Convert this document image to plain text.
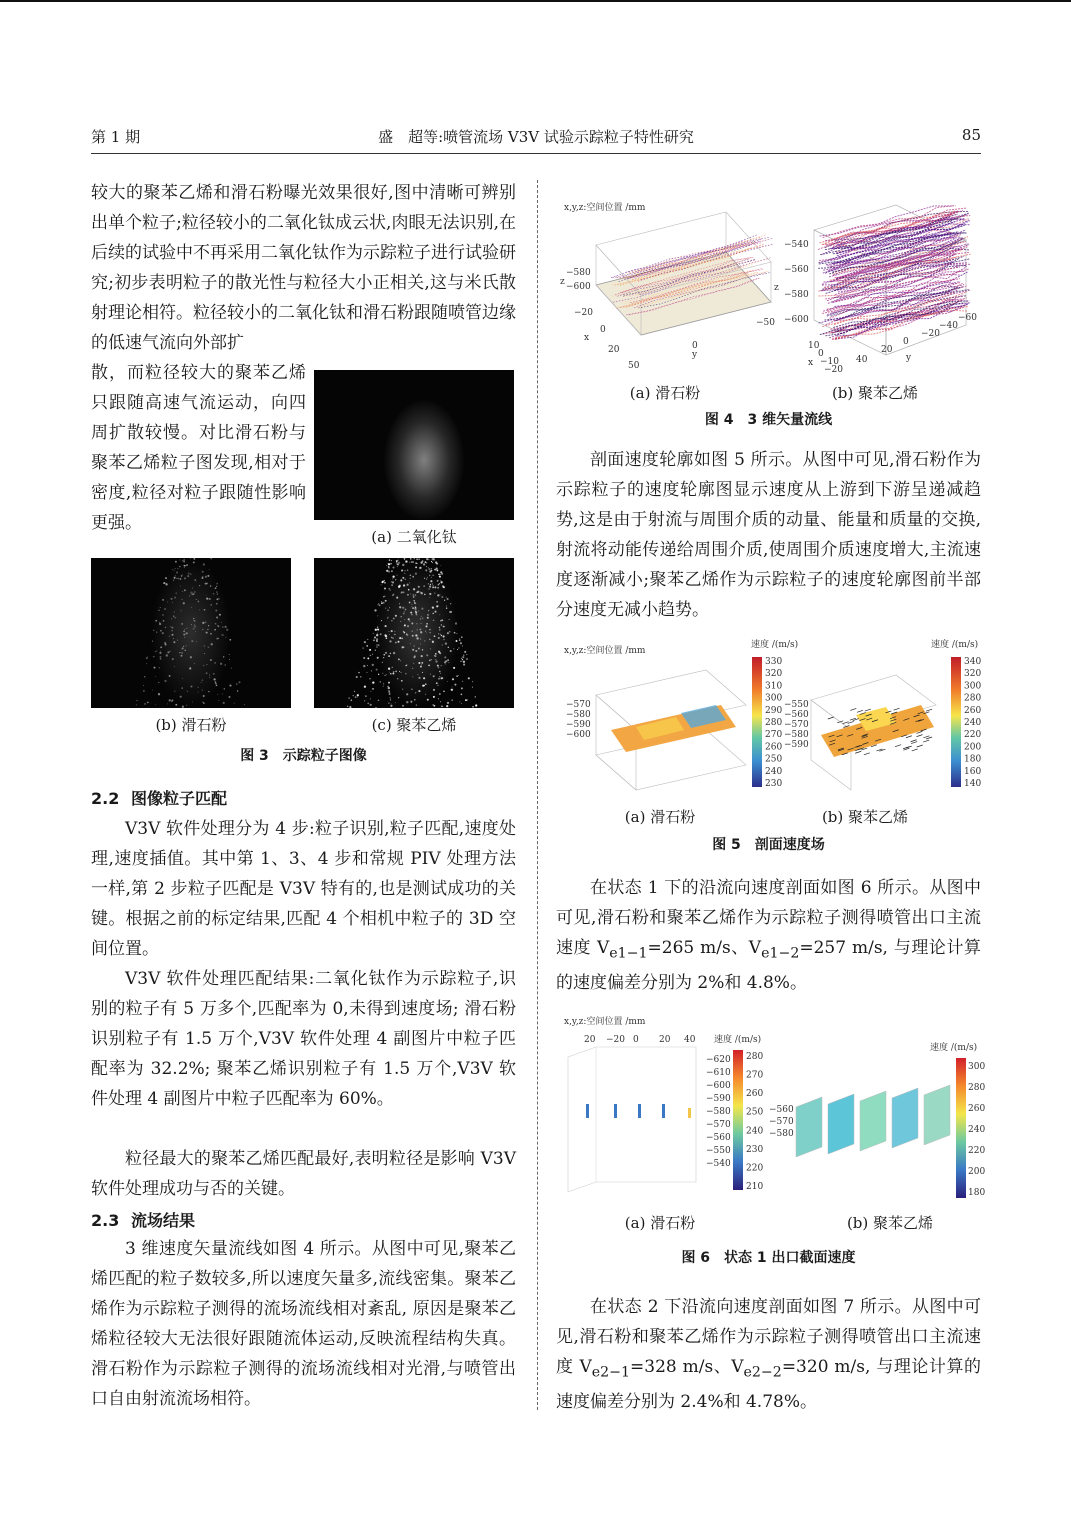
第 1 期	盛　超等:喷管流场 V3V 试验示踪粒子特性研究	85

较大的聚苯乙烯和滑石粉曝光效果很好,图中清晰可辨别出单个粒子;粒径较小的二氧化钛成云状,肉眼无法识别,在后续的试验中不再采用二氧化钛作为示踪粒子进行试验研究;初步表明粒子的散光性与粒径大小正相关,这与米氏散射理论相符。粒径较小的二氧化钛和滑石粉跟随喷管边缘的低速气流向外部扩

散，而粒径较大的聚苯乙烯只跟随高速气流运动，向四周扩散较慢。对比滑石粉与聚苯乙烯粒子图发现,相对于密度,粒径对粒子跟随性影响更强。

(a) 二氧化钛
(b) 滑石粉	(c) 聚苯乙烯
图 3　示踪粒子图像
2.2 图像粒子匹配

V3V 软件处理分为 4 步:粒子识别,粒子匹配,速度处理,速度插值。其中第 1、3、4 步和常规 PIV 处理方法一样,第 2 步粒子匹配是 V3V 特有的,也是测试成功的关键。根据之前的标定结果,匹配 4 个相机中粒子的 3D 空间位置。

V3V 软件处理匹配结果:二氧化钛作为示踪粒子,识别的粒子有 5 万多个,匹配率为 0,未得到速度场; 滑石粉识别粒子有 1.5 万个,V3V 软件处理 4 副图片中粒子匹配率为 32.2%; 聚苯乙烯识别粒子有 1.5 万个,V3V 软件处理 4 副图片中粒子匹配率为 60%。

粒径最大的聚苯乙烯匹配最好,表明粒径是影响 V3V 软件处理成功与否的关键。

2.3 流场结果

3 维速度矢量流线如图 4 所示。从图中可见,聚苯乙烯匹配的粒子数较多,所以速度矢量多,流线密集。聚苯乙烯作为示踪粒子测得的流场流线相对紊乱, 原因是聚苯乙烯粒径较大无法很好跟随流体运动,反映流程结构失真。滑石粉作为示踪粒子测得的流场流线相对光滑,与喷管出口自由射流流场相符。

x,y,z:空间位置 /mm
−580
−600
−20
z
0
x
20
50
0
y
−50
−540
−560
−580
−600
z
10
0
−10
−20
x	40
20
0
−20
−40
−60
y
(a) 滑石粉	(b) 聚苯乙烯
图 4　3 维矢量流线

剖面速度轮廓如图 5 所示。从图中可见,滑石粉作为示踪粒子的速度轮廓图显示速度从上游到下游呈递减趋势,这是由于射流与周围介质的动量、能量和质量的交换,射流将动能传递给周围介质,使周围介质速度增大,主流速度逐渐减小;聚苯乙烯作为示踪粒子的速度轮廓图前半部分速度无减小趋势。

x,y,z:空间位置 /mm
−570
−580
−590
−600
速度 /(m/s)
330
320
310
300
290
280
270
260
250
240
230
−550
−560
−570
−580
−590
速度 /(m/s)
340
320
300
280
260
240
220
200
180
160
140
(a) 滑石粉	(b) 聚苯乙烯
图 5　剖面速度场

在状态 1 下的沿流向速度剖面如图 6 所示。从图中可见,滑石粉和聚苯乙烯作为示踪粒子测得喷管出口主流速度 $V_{e1-1}=265$ m/s、$V_{e1-2}=257$ m/s, 与理论计算的速度偏差分别为 2%和 4.8%。

x,y,z:空间位置 /mm
20 −20 0 20 40 速度 /(m/s)
−620
−610
−600
−590
−580
−570
−560
−550
−540
280
270
260
250
240
230
220
210
−560
−570
−580
速度 /(m/s)
300
280
260
240
220
200
180
(a) 滑石粉	(b) 聚苯乙烯
图 6　状态 1 出口截面速度

在状态 2 下沿流向速度剖面如图 7 所示。从图中可见,滑石粉和聚苯乙烯作为示踪粒子测得喷管出口主流速度 $V_{e2-1}=328$ m/s、$V_{e2-2}=320$ m/s, 与理论计算的速度偏差分别为 2.4%和 4.78%。
